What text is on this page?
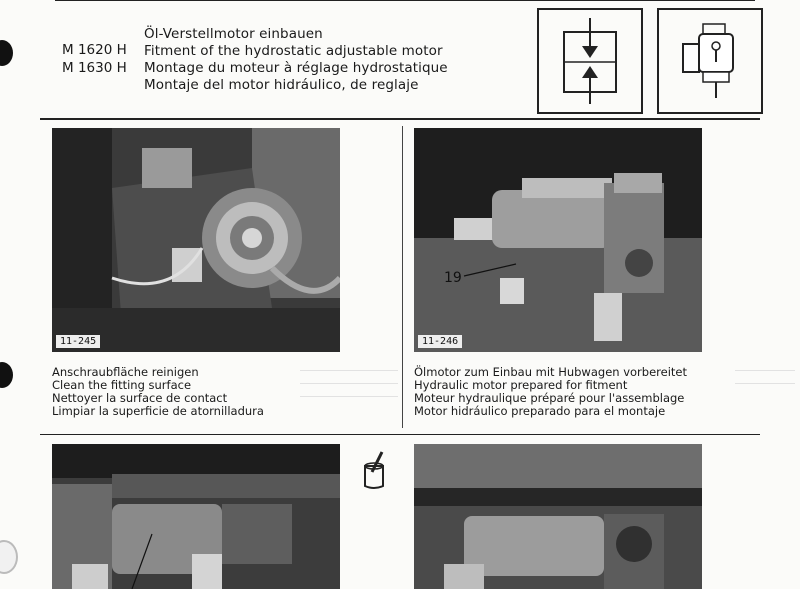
M 1620 H
M 1630 H
Öl-Verstellmotor einbauen
Fitment of the hydrostatic adjustable motor
Montage du moteur à réglage hydrostatique
Montaje del motor hidráulico, de reglaje
11-245
19
11-246
Anschraubfläche reinigen
Clean the fitting surface
Nettoyer la surface de contact
Limpiar la superficie de atornilladura
Ölmotor zum Einbau mit Hubwagen vorbereitet
Hydraulic motor prepared for fitment
Moteur hydraulique préparé pour l'assemblage
Motor hidráulico preparado para el montaje
